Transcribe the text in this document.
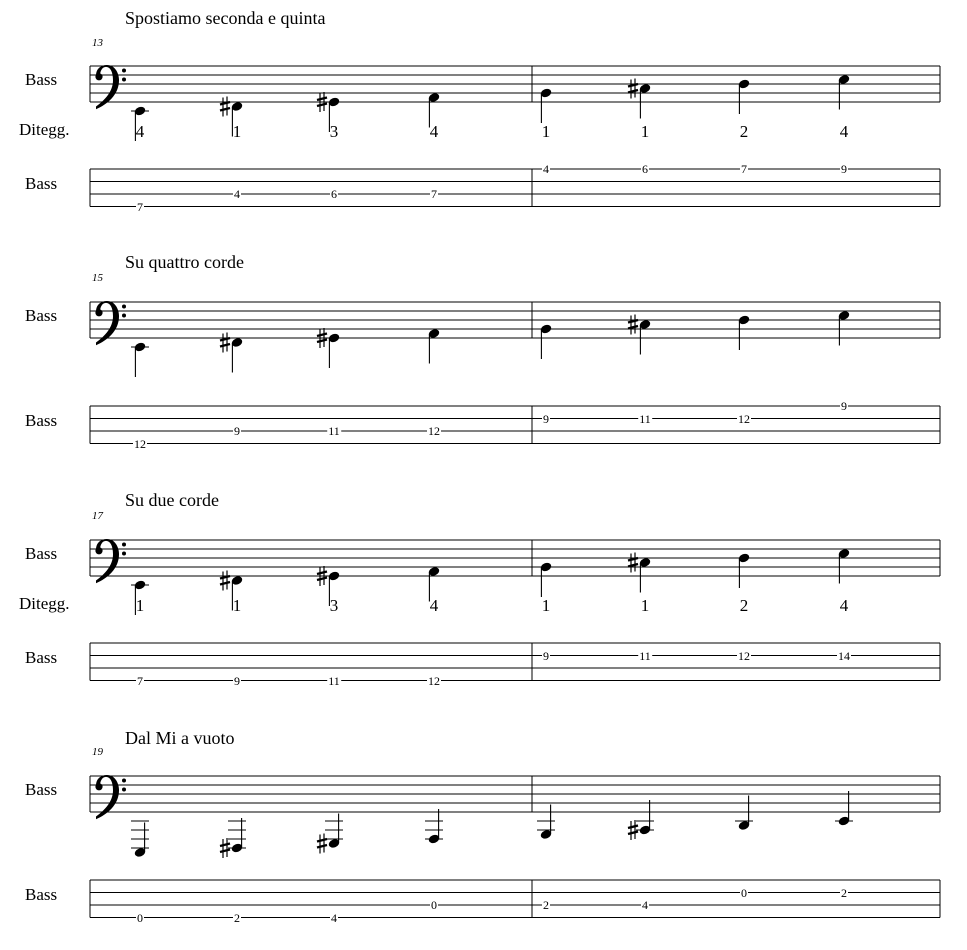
Spostiamo seconda e quinta
13
Bass
Bass
Ditegg.	4	1	3	4	1	1	2	4
7
4	6	7
4	6	7	9
Su quattro corde
15
Bass
Bass
12
9	11	12
9	11	12
9
Su due corde
17
Bass
Bass
Ditegg.	1	1	3	4	1	1	2	4
7	9	11	12
9	11	12	14
Dal Mi a vuoto
19
Bass
Bass
0	2	4
0	2	4
0	2
